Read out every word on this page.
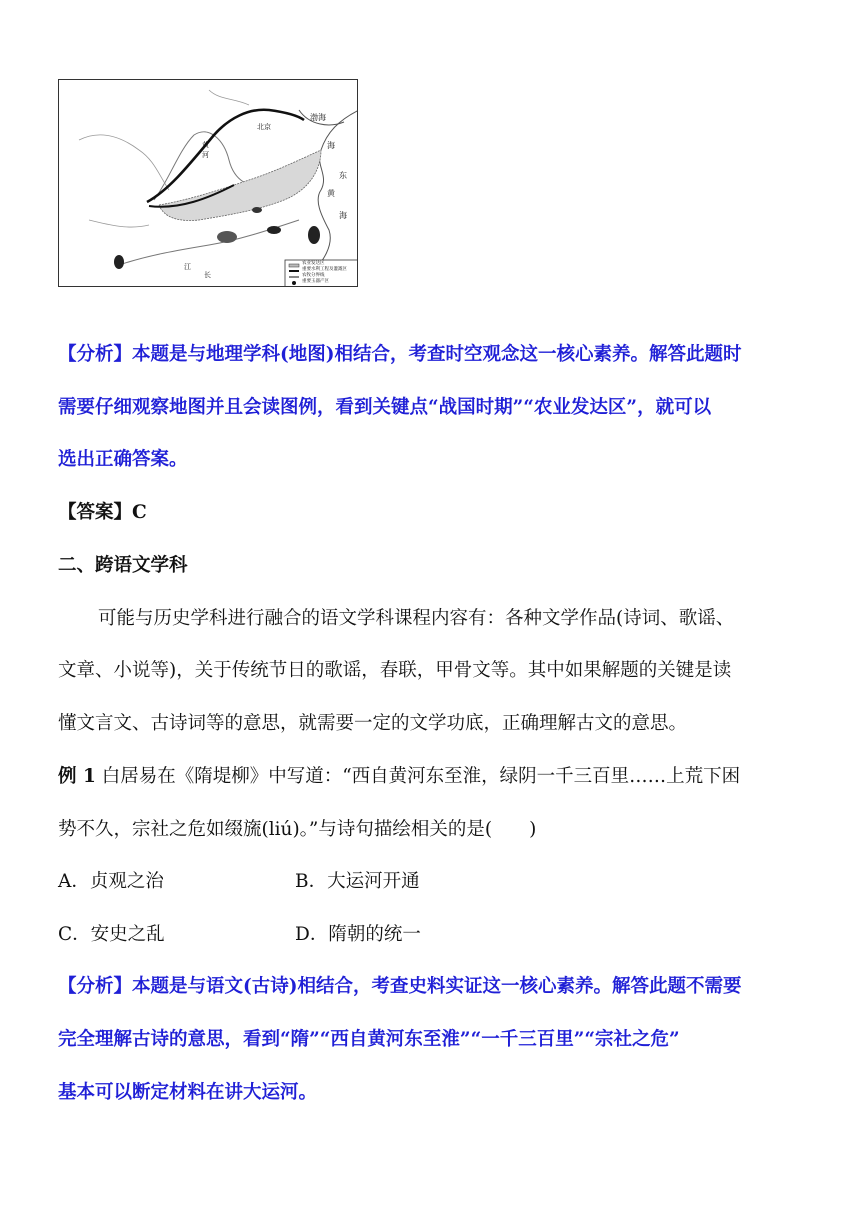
渤海
海
东
黄
海
北京
江
长
黄
河
农业发达区
重要水利工程及灌溉区
农牧分界线
重要玉器产区
【分析】本题是与地理学科(地图)相结合，考查时空观念这一核心素养。解答此题时
需要仔细观察地图并且会读图例，看到关键点“战国时期”“农业发达区”，就可以
选出正确答案。
【答案】C
二、跨语文学科
可能与历史学科进行融合的语文学科课程内容有：各种文学作品(诗词、歌谣、
文章、小说等)，关于传统节日的歌谣，春联，甲骨文等。其中如果解题的关键是读
懂文言文、古诗词等的意思，就需要一定的文学功底，正确理解古文的意思。
例 1 白居易在《隋堤柳》中写道：“西自黄河东至淮，绿阴一千三百里……上荒下困
势不久，宗社之危如缀旒(liú)。”与诗句描绘相关的是(　　)
A．贞观之治	B．大运河开通
C．安史之乱	D．隋朝的统一
【分析】本题是与语文(古诗)相结合，考查史料实证这一核心素养。解答此题不需要
完全理解古诗的意思，看到“隋”“西自黄河东至淮”“一千三百里”“宗社之危”
基本可以断定材料在讲大运河。
